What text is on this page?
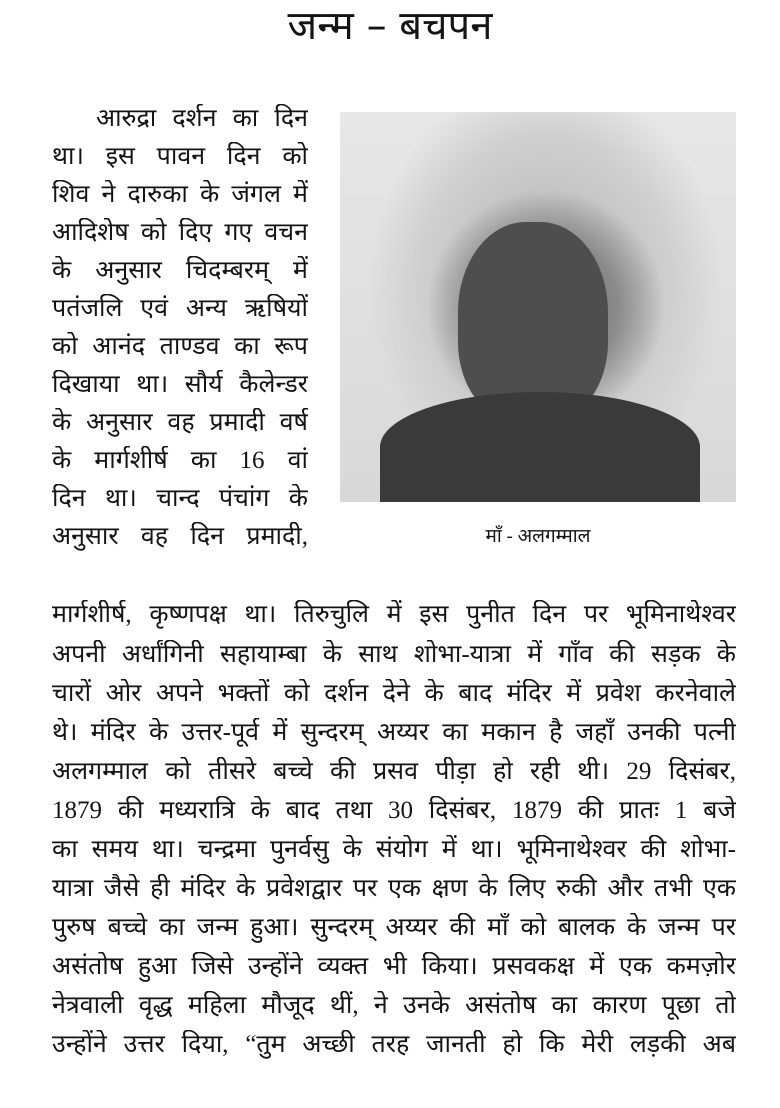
जन्म – बचपन
आरुद्रा दर्शन का दिन
था। इस पावन दिन को
शिव ने दारुका के जंगल में
आदिशेष को दिए गए वचन
के अनुसार चिदम्बरम् में
पतंजलि एवं अन्य ऋषियों
को आनंद ताण्डव का रूप
दिखाया था। सौर्य कैलेन्डर
के अनुसार वह प्रमादी वर्ष
के मार्गशीर्ष का 16 वां
दिन था। चान्द पंचांग के
अनुसार वह दिन प्रमादी,	माँ - अलगम्माल
मार्गशीर्ष, कृष्णपक्ष था। तिरुचुलि में इस पुनीत दिन पर भूमिनाथेश्वर
अपनी अर्धांगिनी सहायाम्बा के साथ शोभा-यात्रा में गाँव की सड़क के
चारों ओर अपने भक्तों को दर्शन देने के बाद मंदिर में प्रवेश करनेवाले
थे। मंदिर के उत्तर-पूर्व में सुन्दरम् अय्यर का मकान है जहाँ उनकी पत्नी
अलगम्माल को तीसरे बच्चे की प्रसव पीड़ा हो रही थी। 29 दिसंबर,
1879 की मध्यरात्रि के बाद तथा 30 दिसंबर, 1879 की प्रातः 1 बजे
का समय था। चन्द्रमा पुनर्वसु के संयोग में था। भूमिनाथेश्वर की शोभा-
यात्रा जैसे ही मंदिर के प्रवेशद्वार पर एक क्षण के लिए रुकी और तभी एक
पुरुष बच्चे का जन्म हुआ। सुन्दरम् अय्यर की माँ को बालक के जन्म पर
असंतोष हुआ जिसे उन्होंने व्यक्त भी किया। प्रसवकक्ष में एक कमज़ोर
नेत्रवाली वृद्ध महिला मौजूद थीं, ने उनके असंतोष का कारण पूछा तो
उन्होंने उत्तर दिया, “तुम अच्छी तरह जानती हो कि मेरी लड़की अब
